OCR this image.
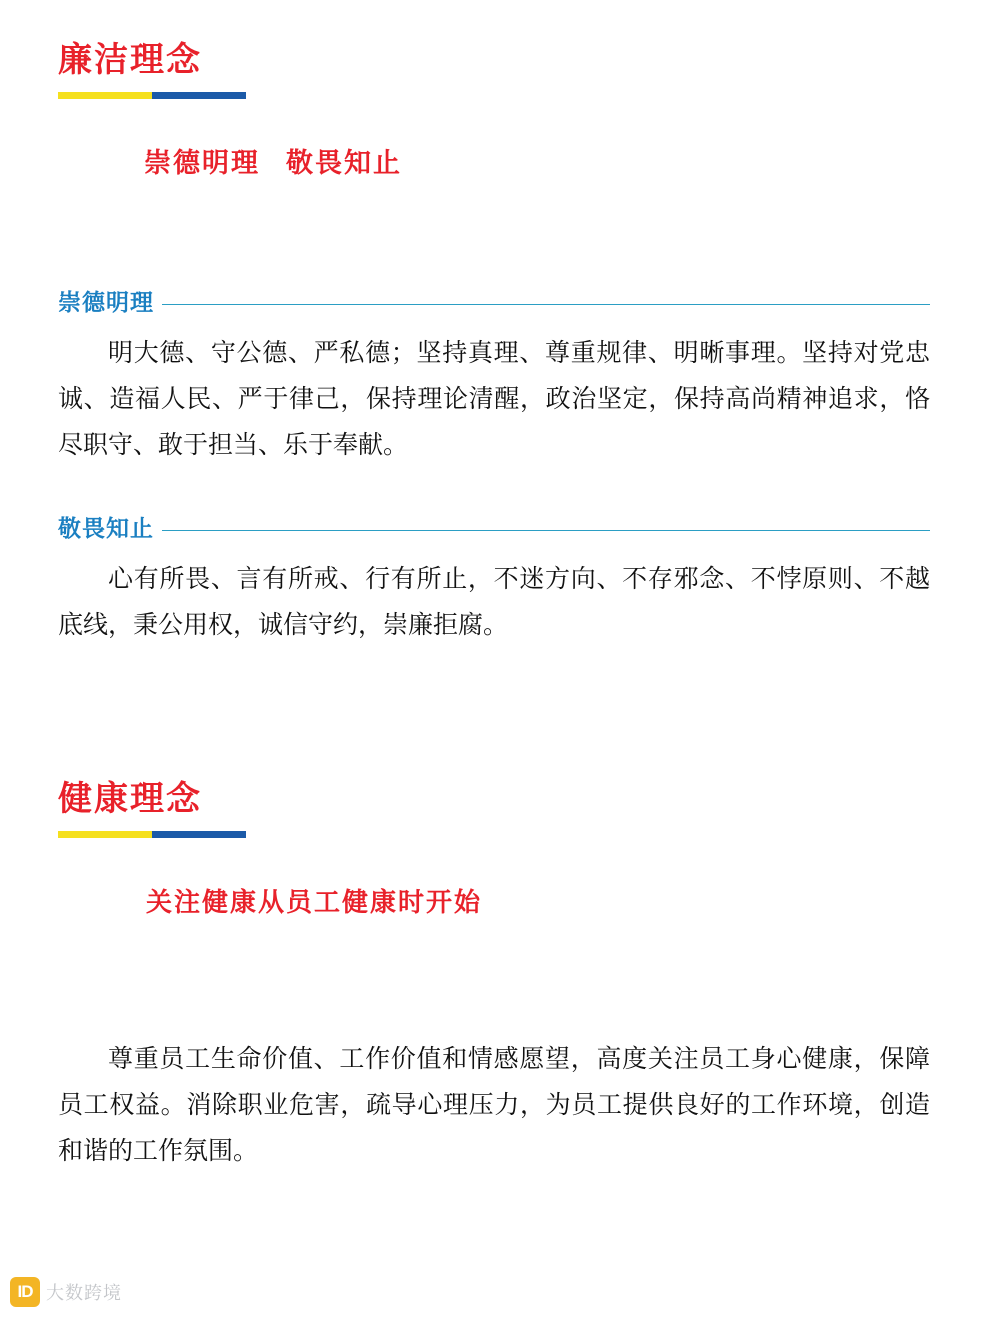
廉洁理念
崇德明理 敬畏知止
崇德明理

明大德、守公德、严私德；坚持真理、尊重规律、明晰事理。坚持对党忠诚、造福人民、严于律己，保持理论清醒，政治坚定，保持高尚精神追求，恪尽职守、敢于担当、乐于奉献。

敬畏知止

心有所畏、言有所戒、行有所止，不迷方向、不存邪念、不悖原则、不越底线，秉公用权，诚信守约，崇廉拒腐。

健康理念
关注健康从员工健康时开始

尊重员工生命价值、工作价值和情感愿望，高度关注员工身心健康，保障员工权益。消除职业危害，疏导心理压力，为员工提供良好的工作环境，创造和谐的工作氛围。

ID 大数跨境
